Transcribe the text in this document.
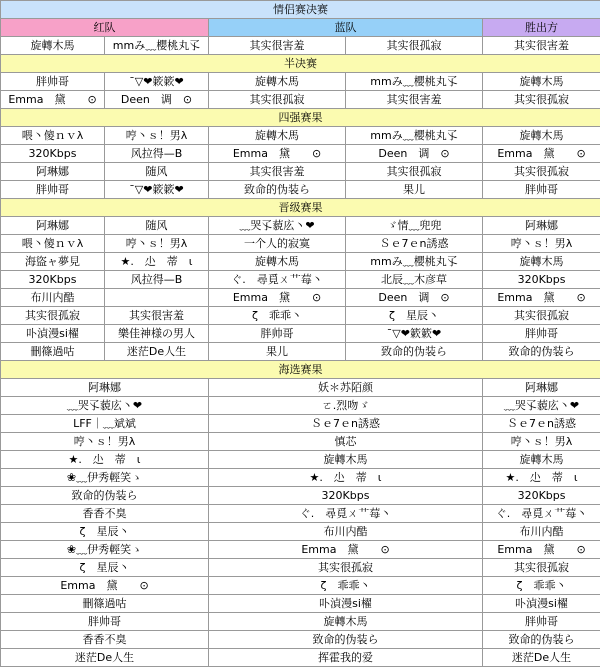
情侣赛决赛				
红队		蓝队		胜出方
旋轉木馬	mmみ﹏櫻桃丸孓	其实很害羞	其实很孤寂	其实很害羞
半决赛				
胖帅哥	ˉ▽❤簌簌❤	旋轉木馬	mmみ﹏櫻桃丸孓	旋轉木馬
Emma　黛　　⊙	Deen　调　⊙	其实很孤寂	其实很害羞	其实很孤寂
四强赛果				
喂丶傻ｎｖλ	哼丶ｓ！男λ	旋轉木馬	mmみ﹏櫻桃丸孓	旋轉木馬
320Kbps	风拉得—B	Emma　黛　　⊙	Deen　调　⊙	Emma　黛　　⊙
阿琳娜	随风	其实很害羞	其实很孤寂	其实很孤寂
胖帅哥	ˉ▽❤簌簌❤	致命的伪装ら	果儿	胖帅哥
晋级赛果				
阿琳娜	随风	﹏哭孓藐庅丶❤	ゞ情﹏兜兜	阿琳娜
喂丶傻ｎｖλ	哼丶ｓ！男λ	一个人的寂寞	Ｓｅ7ｅn誘惑	哼丶ｓ！男λ
海盜ャ夢見	★.　尐　蒂　ι	旋轉木馬	mmみ﹏櫻桃丸孓	旋轉木馬
320Kbps	风拉得—B	ぐ.　尋覓ㄨ艹莓丶	北辰﹏木彦草	320Kbps
布川内酷		Emma　黛　　⊙	Deen　调　⊙	Emma　黛　　⊙
其实很孤寂	其实很害羞	ζ　乖乖丶	ζ　星辰丶	其实很孤寂
卟湞漫si櫂	樂佳神様の男人	胖帅哥	ˉ▽❤簌簌❤	胖帅哥
刪篠過咕	迷茫De人生	果儿	致命的伪装ら	致命的伪装ら
海选赛果				
阿琳娜		妖＊苏陌颜		阿琳娜
﹏哭孓藐庅丶❤		ㄛ.烈吻ゞ		﹏哭孓藐庅丶❤
LFF｜﹏斌斌		Ｓｅ7ｅn誘惑		Ｓｅ7ｅn誘惑
哼丶ｓ！男λ		慎芯		哼丶ｓ！男λ
★.　尐　蒂　ι		旋轉木馬		旋轉木馬
❀﹏伊秀輕笑ゝ		★.　尐　蒂　ι		★.　尐　蒂　ι
致命的伪装ら		320Kbps		320Kbps
香香不臭		ぐ.　尋覓ㄨ艹莓丶		ぐ.　尋覓ㄨ艹莓丶
ζ　星辰丶		布川内酷		布川内酷
❀﹏伊秀輕笑ゝ		Emma　黛　　⊙		Emma　黛　　⊙
ζ　星辰丶		其实很孤寂		其实很孤寂
Emma　黛　　⊙		ζ　乖乖丶		ζ　乖乖丶
刪篠過咕		卟湞漫si櫂		卟湞漫si櫂
胖帅哥		旋轉木馬		胖帅哥
香香不臭		致命的伪装ら		致命的伪装ら
迷茫De人生		挥霍我的爱		迷茫De人生
